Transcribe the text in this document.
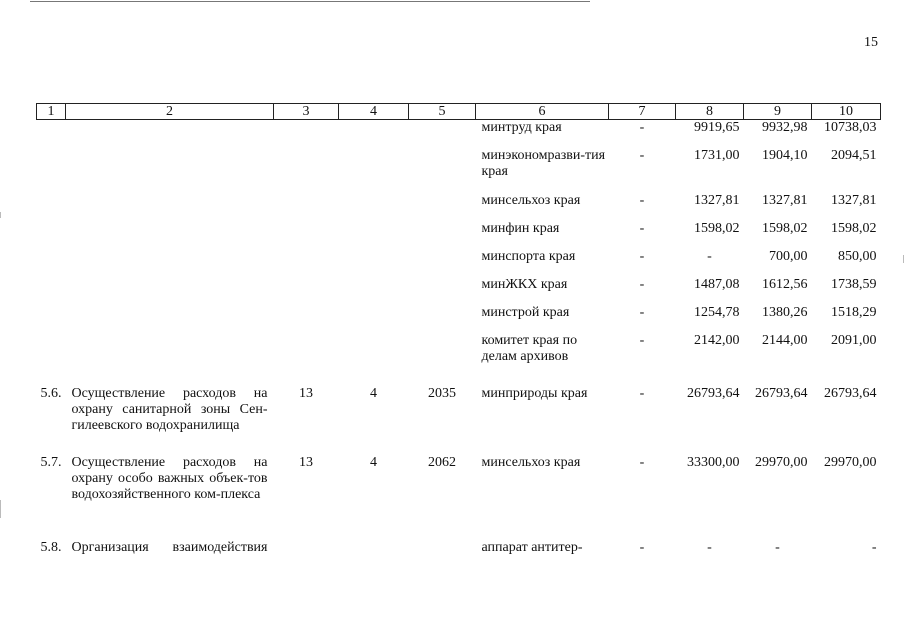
15
1	2	3	4	5	6	7	8	9	10
					минтруд края	-	9919,65	9932,98	10738,03
					минэкономразви-тия края	-	1731,00	1904,10	2094,51
					минсельхоз края	-	1327,81	1327,81	1327,81
					минфин края	-	1598,02	1598,02	1598,02
					минспорта края	-	-	700,00	850,00
					минЖКХ края	-	1487,08	1612,56	1738,59
					минстрой края	-	1254,78	1380,26	1518,29
					комитет края по делам архивов	-	2142,00	2144,00	2091,00
5.6.	Осуществление расходов на охрану санитарной зоны Сен-гилеевского водохранилища	13	4	2035	минприроды края	-	26793,64	26793,64	26793,64
5.7.	Осуществление расходов на охрану особо важных объек-тов водохозяйственного ком-плекса	13	4	2062	минсельхоз края	-	33300,00	29970,00	29970,00
5.8.	Организация взаимодействия				аппарат антитер-	-	-	-	-
